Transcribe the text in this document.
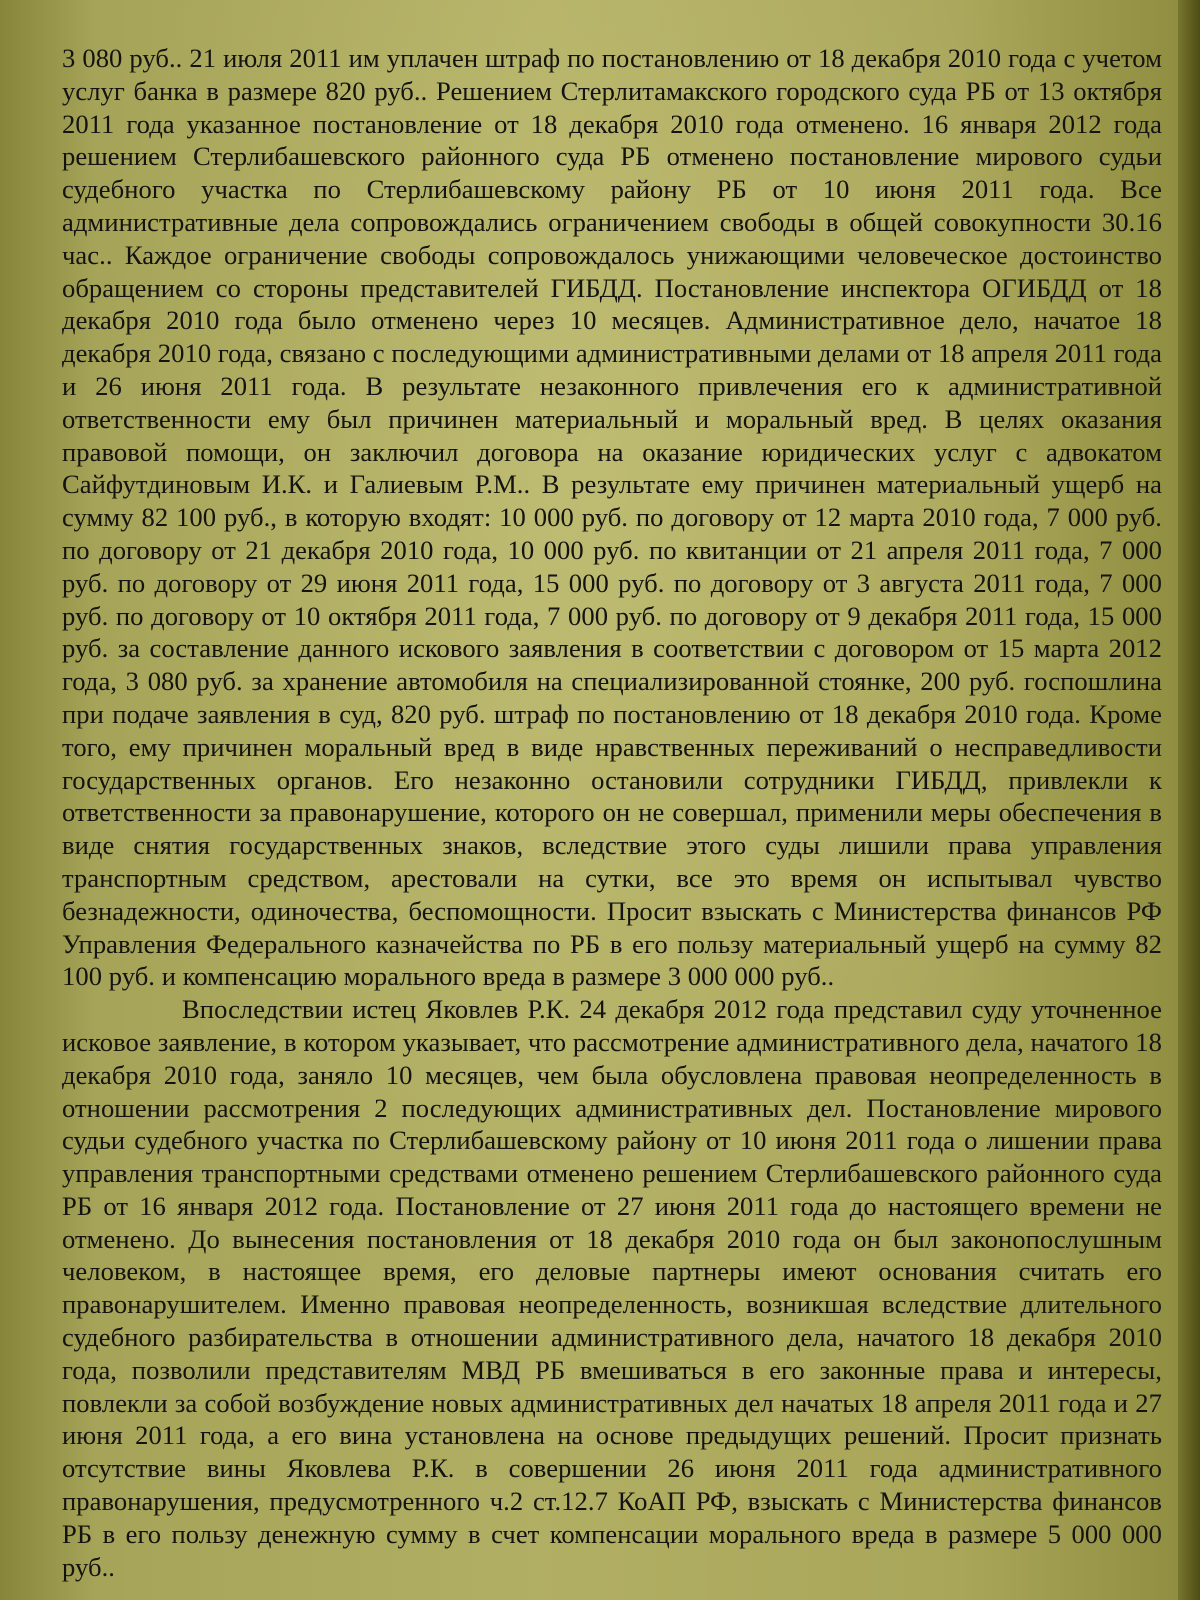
3 080 руб.. 21 июля 2011 им уплачен штраф по постановлению от 18 декабря 2010 года с учетом услуг банка в размере 820 руб.. Решением Стерлитамакского городского суда РБ от 13 октября 2011 года указанное постановление от 18 декабря 2010 года отменено. 16 января 2012 года решением Стерлибашевского районного суда РБ отменено постановление мирового судьи судебного участка по Стерлибашевскому району РБ от 10 июня 2011 года. Все административные дела сопровождались ограничением свободы в общей совокупности 30.16 час.. Каждое ограничение свободы сопровождалось унижающими человеческое достоинство обращением со стороны представителей ГИБДД. Постановление инспектора ОГИБДД от 18 декабря 2010 года было отменено через 10 месяцев. Административное дело, начатое 18 декабря 2010 года, связано с последующими административными делами от 18 апреля 2011 года и 26 июня 2011 года. В результате незаконного привлечения его к административной ответственности ему был причинен материальный и моральный вред. В целях оказания правовой помощи, он заключил договора на оказание юридических услуг с адвокатом Сайфутдиновым И.К. и Галиевым Р.М.. В результате ему причинен материальный ущерб на сумму 82 100 руб., в которую входят: 10 000 руб. по договору от 12 марта 2010 года, 7 000 руб. по договору от 21 декабря 2010 года, 10 000 руб. по квитанции от 21 апреля 2011 года, 7 000 руб. по договору от 29 июня 2011 года, 15 000 руб. по договору от 3 августа 2011 года, 7 000 руб. по договору от 10 октября 2011 года, 7 000 руб. по договору от 9 декабря 2011 года, 15 000 руб. за составление данного искового заявления в соответствии с договором от 15 марта 2012 года, 3 080 руб. за хранение автомобиля на специализированной стоянке, 200 руб. госпошлина при подаче заявления в суд, 820 руб. штраф по постановлению от 18 декабря 2010 года. Кроме того, ему причинен моральный вред в виде нравственных переживаний о несправедливости государственных органов. Его незаконно остановили сотрудники ГИБДД, привлекли к ответственности за правонарушение, которого он не совершал, применили меры обеспечения в виде снятия государственных знаков, вследствие этого суды лишили права управления транспортным средством, арестовали на сутки, все это время он испытывал чувство безнадежности, одиночества, беспомощности. Просит взыскать с Министерства финансов РФ Управления Федерального казначейства по РБ в его пользу материальный ущерб на сумму 82 100 руб. и компенсацию морального вреда в размере 3 000 000 руб..

Впоследствии истец Яковлев Р.К. 24 декабря 2012 года представил суду уточненное исковое заявление, в котором указывает, что рассмотрение административного дела, начатого 18 декабря 2010 года, заняло 10 месяцев, чем была обусловлена правовая неопределенность в отношении рассмотрения 2 последующих административных дел. Постановление мирового судьи судебного участка по Стерлибашевскому району от 10 июня 2011 года о лишении права управления транспортными средствами отменено решением Стерлибашевского районного суда РБ от 16 января 2012 года. Постановление от 27 июня 2011 года до настоящего времени не отменено. До вынесения постановления от 18 декабря 2010 года он был законопослушным человеком, в настоящее время, его деловые партнеры имеют основания считать его правонарушителем. Именно правовая неопределенность, возникшая вследствие длительного судебного разбирательства в отношении административного дела, начатого 18 декабря 2010 года, позволили представителям МВД РБ вмешиваться в его законные права и интересы, повлекли за собой возбуждение новых административных дел начатых 18 апреля 2011 года и 27 июня 2011 года, а его вина установлена на основе предыдущих решений. Просит признать отсутствие вины Яковлева Р.К. в совершении 26 июня 2011 года административного правонарушения, предусмотренного ч.2 ст.12.7 КоАП РФ, взыскать с Министерства финансов РБ в его пользу денежную сумму в счет компенсации морального вреда в размере 5 000 000 руб..
